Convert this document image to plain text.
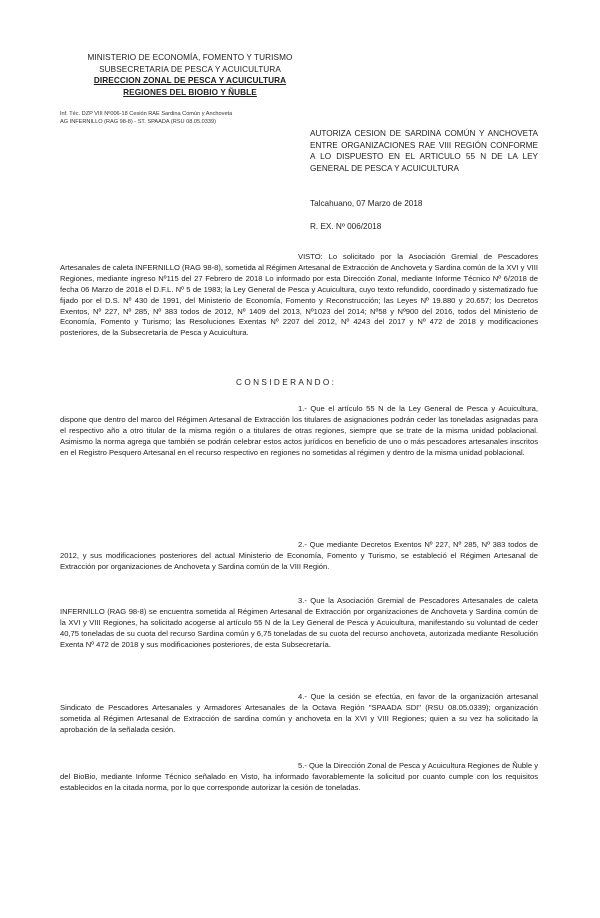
MINISTERIO DE ECONOMÍA, FOMENTO Y TURISMO
SUBSECRETARIA DE PESCA Y ACUICULTURA
DIRECCION ZONAL DE PESCA Y ACUICULTURA
REGIONES DEL BIOBIO Y ÑUBLE
Inf. Téc. DZP VIII Nº006-18 Cesión RAE Sardina Común y Anchoveta
AG INFERNILLO (RAG 98-8) - ST. SPAADA (RSU 08.05.0339)
AUTORIZA CESION DE SARDINA COMÚN Y ANCHOVETA ENTRE ORGANIZACIONES RAE VIII REGIÓN CONFORME A LO DISPUESTO EN EL ARTICULO 55 N DE LA LEY GENERAL DE PESCA Y ACUICULTURA
Talcahuano, 07 Marzo de 2018
R. EX. Nº 006/2018

VISTO: Lo solicitado por la Asociación Gremial de Pescadores Artesanales de caleta INFERNILLO (RAG 98-8), sometida al Régimen Artesanal de Extracción de Anchoveta y Sardina común de la XVI y VIII Regiones, mediante ingreso Nº115 del 27 Febrero de 2018 Lo informado por esta Dirección Zonal, mediante Informe Técnico Nº 6/2018 de fecha 06 Marzo de 2018 el D.F.L. Nº 5 de 1983; la Ley General de Pesca y Acuicultura, cuyo texto refundido, coordinado y sistematizado fue fijado por el D.S. Nº 430 de 1991, del Ministerio de Economía, Fomento y Reconstrucción; las Leyes Nº 19.880 y 20.657; los Decretos Exentos, Nº 227, Nº 285, Nº 383 todos de 2012, Nº 1409 del 2013, Nº1023 del 2014; Nº58 y Nº900 del 2016, todos del Ministerio de Economía, Fomento y Turismo; las Resoluciones Exentas Nº 2207 del 2012, Nº 4243 del 2017 y Nº 472 de 2018 y modificaciones posteriores, de la Subsecretaría de Pesca y Acuicultura.

CONSIDERANDO:

1.- Que el artículo 55 N de la Ley General de Pesca y Acuicultura, dispone que dentro del marco del Régimen Artesanal de Extracción los titulares de asignaciones podrán ceder las toneladas asignadas para el respectivo año a otro titular de la misma región o a titulares de otras regiones, siempre que se trate de la misma unidad poblacional. Asimismo la norma agrega que también se podrán celebrar estos actos jurídicos en beneficio de uno o más pescadores artesanales inscritos en el Registro Pesquero Artesanal en el recurso respectivo en regiones no sometidas al régimen y dentro de la misma unidad poblacional.

2.- Que mediante Decretos Exentos Nº 227, Nº 285, Nº 383 todos de 2012, y sus modificaciones posteriores del actual Ministerio de Economía, Fomento y Turismo, se estableció el Régimen Artesanal de Extracción por organizaciones de Anchoveta y Sardina común de la VIII Región.

3.- Que la Asociación Gremial de Pescadores Artesanales de caleta INFERNILLO (RAG 98-8) se encuentra sometida al Régimen Artesanal de Extracción por organizaciones de Anchoveta y Sardina común de la XVI y VIII Regiones, ha solicitado acogerse al artículo 55 N de la Ley General de Pesca y Acuicultura, manifestando su voluntad de ceder 40,75 toneladas de su cuota del recurso Sardina común y 6,75 toneladas de su cuota del recurso anchoveta, autorizada mediante Resolución Exenta Nº 472 de 2018 y sus modificaciones posteriores, de esta Subsecretaría.

4.- Que la cesión se efectúa, en favor de la organización artesanal Sindicato de Pescadores Artesanales y Armadores Artesanales de la Octava Región "SPAADA SDI" (RSU 08.05.0339); organización sometida al Régimen Artesanal de Extracción de sardina común y anchoveta en la XVI y VIII Regiones; quien a su vez ha solicitado la aprobación de la señalada cesión.

5.- Que la Dirección Zonal de Pesca y Acuicultura Regiones de Ñuble y del BioBio, mediante Informe Técnico señalado en Visto, ha informado favorablemente la solicitud por cuanto cumple con los requisitos establecidos en la citada norma, por lo que corresponde autorizar la cesión de toneladas.
